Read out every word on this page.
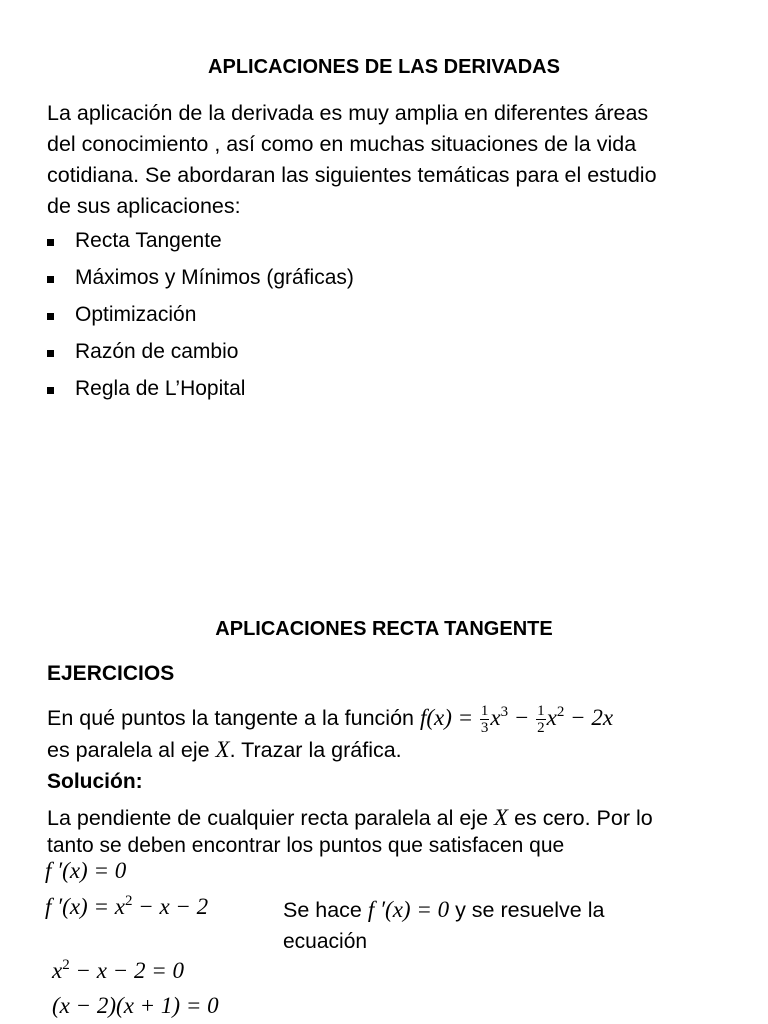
APLICACIONES DE LAS DERIVADAS
La aplicación de la derivada es muy amplia en diferentes áreas
del conocimiento , así como en muchas situaciones de la vida
cotidiana. Se abordaran las siguientes temáticas para el estudio
de sus aplicaciones:
Recta Tangente
Máximos y Mínimos (gráficas)
Optimización
Razón de cambio
Regla de L’Hopital
APLICACIONES RECTA TANGENTE
EJERCICIOS
En qué puntos la tangente a la función $f(x) = \frac{1}{3} x^3 - \frac{1}{2} x^2 - 2x$
es paralela al eje X. Trazar la gráfica.
Solución:
La pendiente de cualquier recta paralela al eje X es cero. Por lo
tanto se deben encontrar los puntos que satisfacen que
f ′(x) = 0
f $'(x) = x^2 - x - 2$	Se hace f ′(x) = 0 y se resuelve la
ecuación
$x^2 - x - 2 = 0$
(x − 2)(x + 1) = 0
